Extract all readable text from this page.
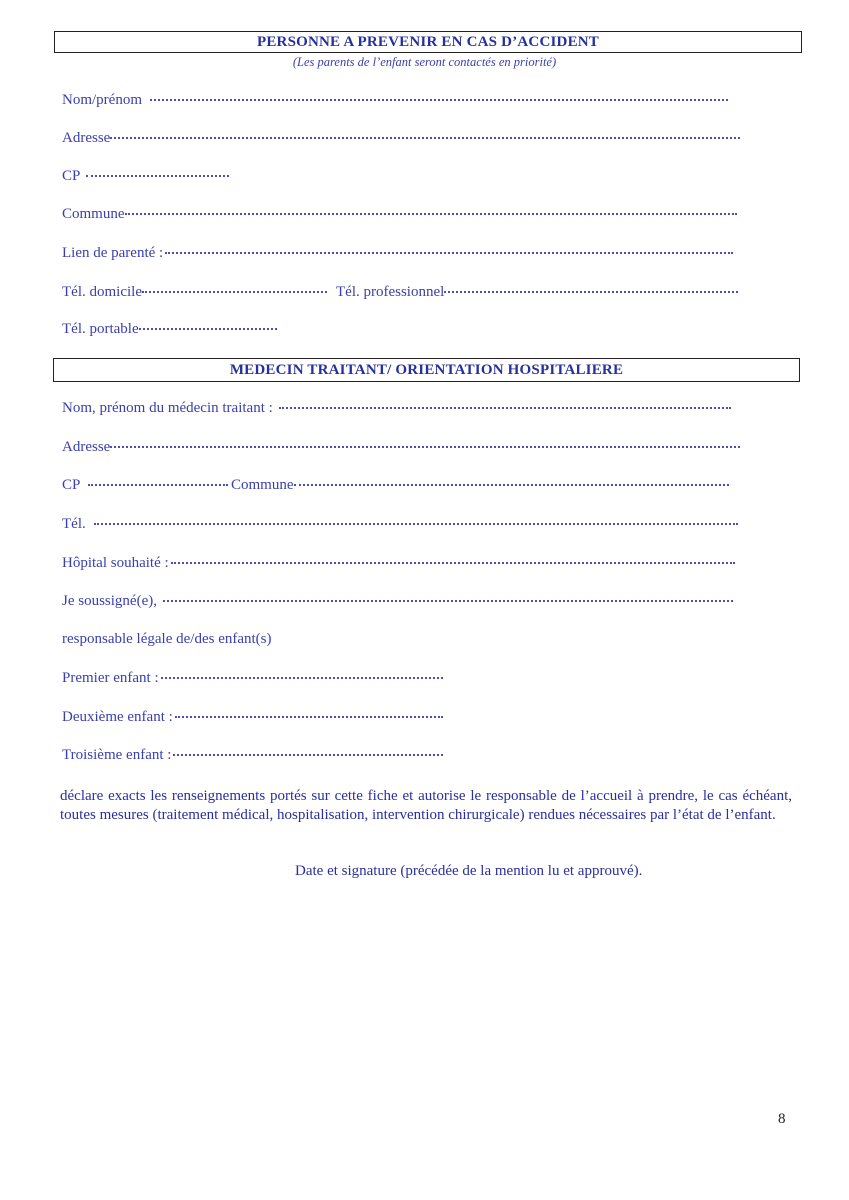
PERSONNE A PREVENIR EN CAS D’ACCIDENT
(Les parents de l’enfant seront contactés en priorité)
Nom/prénom
Adresse
CP
Commune
Lien de parenté :
Tél. domicile	Tél. professionnel
Tél. portable
MEDECIN TRAITANT/ ORIENTATION HOSPITALIERE
Nom, prénom du médecin traitant :
Adresse
CP	Commune
Tél.
Hôpital souhaité :
Je soussigné(e),
responsable légale de/des enfant(s)
Premier enfant :
Deuxième enfant :
Troisième enfant :
déclare exacts les renseignements portés sur cette fiche et autorise le responsable de l’accueil à prendre, le cas échéant, toutes mesures (traitement médical, hospitalisation, intervention chirurgicale) rendues nécessaires par l’état de l’enfant.
Date et signature (précédée de la mention lu et approuvé).
8
